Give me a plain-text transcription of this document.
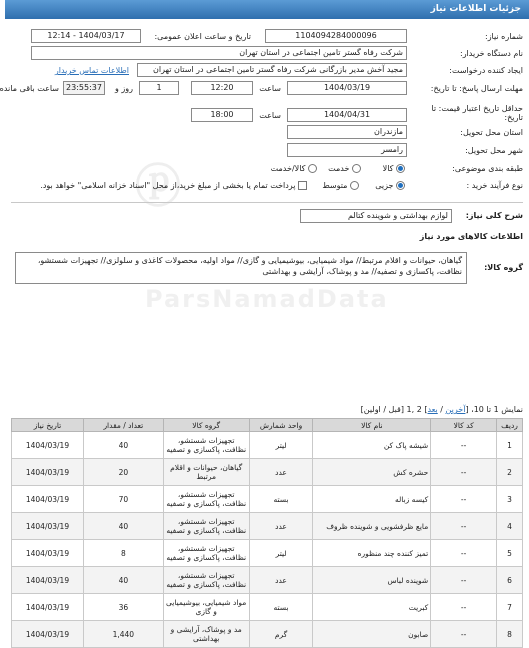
جزئیات اطلاعات نیاز
ⓟ
شماره نیاز:
1104094284000096
تاریخ و ساعت اعلان عمومی:
1404/03/17 - 12:14
نام دستگاه خریدار:
شرکت رفاه گستر تامین اجتماعی در استان تهران
ایجاد کننده درخواست:
مجید آخش مدیر بازرگانی شرکت رفاه گستر تامین اجتماعی در استان تهران
اطلاعات تماس خریدار
مهلت ارسال پاسخ: تا تاریخ:
1404/03/19
ساعت
12:20
1
روز و
23:55:37
ساعت باقی مانده
حداقل تاریخ اعتبار قیمت: تا تاریخ:
1404/04/31
ساعت
18:00
استان محل تحویل:
مازندران
شهر محل تحویل:
رامسر
طبقه بندی موضوعی:
کالا
خدمت
کالا/خدمت
نوع فرآیند خرید :
جزیی
متوسط
پرداخت تمام یا بخشی از مبلغ خرید،از محل "اسناد خزانه اسلامی" خواهد بود.
شرح کلی نیاز:
لوازم بهداشتی و شوینده کتالم
اطلاعات کالاهای مورد نیاز
گروه کالا:
گیاهان، حیوانات و اقلام مرتبط// مواد شیمیایی، بیوشیمیایی و گازی// مواد اولیه، محصولات کاغذی و سلولزی// تجهیزات شستشو، نظافت، پاکسازی و تصفیه// مد و پوشاک، آرایشی و بهداشتی
ParsNamadData
نمایش 1 تا 10، [آخرین / بعد] 2 ,1 [قبل / اولین]
ردیف	کد کالا	نام کالا	واحد شمارش	گروه کالا	تعداد / مقدار	تاریخ نیاز
1	--	شیشه پاک کن	لیتر	تجهیزات شستشو، نظافت، پاکسازی و تصفیه	40	1404/03/19
2	--	حشره کش	عدد	گیاهان، حیوانات و اقلام مرتبط	20	1404/03/19
3	--	کیسه زباله	بسته	تجهیزات شستشو، نظافت، پاکسازی و تصفیه	70	1404/03/19
4	--	مایع ظرفشویی و شوینده ظروف	عدد	تجهیزات شستشو، نظافت، پاکسازی و تصفیه	40	1404/03/19
5	--	تمیز کننده چند منظوره	لیتر	تجهیزات شستشو، نظافت، پاکسازی و تصفیه	8	1404/03/19
6	--	شوینده لباس	عدد	تجهیزات شستشو، نظافت، پاکسازی و تصفیه	40	1404/03/19
7	--	کبریت	بسته	مواد شیمیایی، بیوشیمیایی و گازی	36	1404/03/19
8	--	صابون	گرم	مد و پوشاک، آرایشی و بهداشتی	1,440	1404/03/19
